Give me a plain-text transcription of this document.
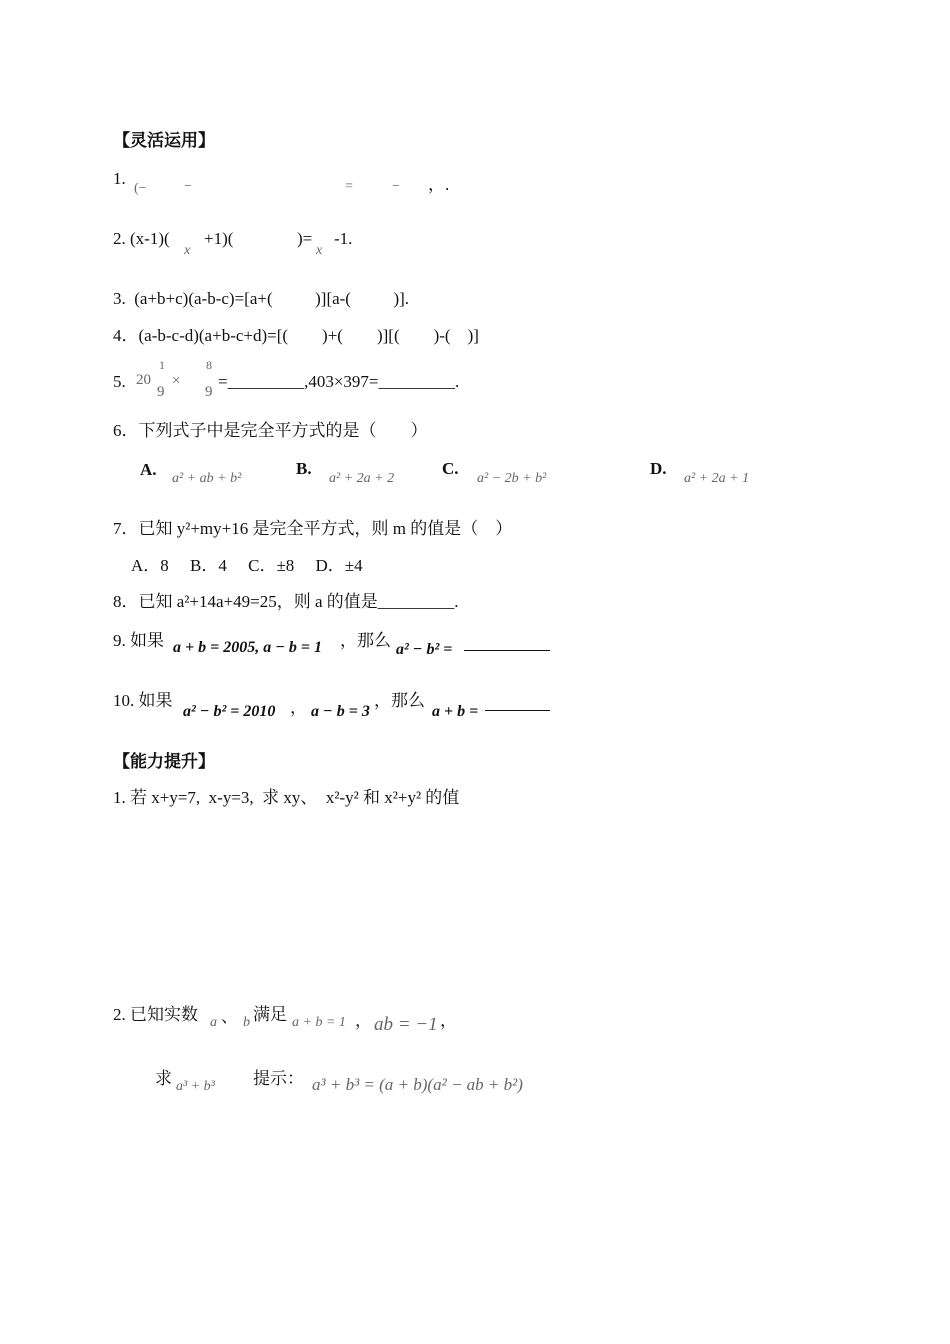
【灵活运用】
1.
(−	−	=	− ，.
2. (x-1)(
x
+1)(	)=
x
-1.
3.  (a+b+c)(a-b-c)=[a+(          )][a-(          )].
4．(a-b-c-d)(a+b-c+d)=[(        )+(        )][(        )-(    )]
5. 20
1
9
×
8
9
=_________,403×397=_________.
6．下列式子中是完全平方式的是（        ）
A. a² + ab + b²
B.
a² + 2a + 2
C.
a² − 2b + b²
D.
a² + 2a + 1
7．已知 y²+my+16 是完全平方式，则 m 的值是（    ）
A．8     B．4     C．±8     D．±4
8．已知 a²+14a+49=25，则 a 的值是_________.
9. 如果 a + b = 2005, a − b = 1 ，那么 a² − b² =
10. 如果
a² − b² = 2010 ， a − b = 3
，那么
a + b =
【能力提升】
1. 若 x+y=7,  x-y=3,  求 xy、  x²-y² 和 x²+y² 的值
2. 已知实数 a 、 b 满足 a + b = 1 ， ab = −1 ，
求 a³ + b³ 提示： a³ + b³ = (a + b)(a² − ab + b²)
